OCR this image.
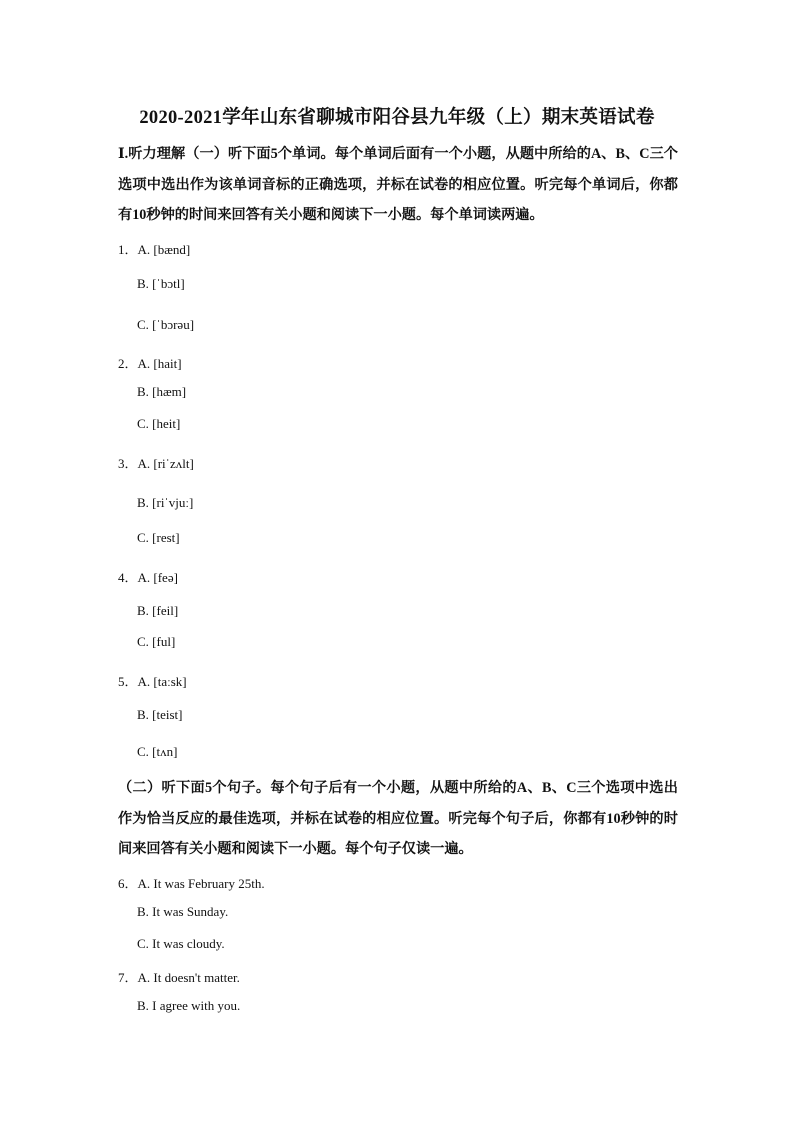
2020-2021学年山东省聊城市阳谷县九年级（上）期末英语试卷
Ⅰ.听力理解（一）听下面5个单词。每个单词后面有一个小题，从题中所给的A、B、C三个选项中选出作为该单词音标的正确选项，并标在试卷的相应位置。听完每个单词后，你都有10秒钟的时间来回答有关小题和阅读下一小题。每个单词读两遍。
1．A. [bænd]
B. [ˈbɔtl]
C. [ˈbɔrəu]
2．A. [hait]
B. [hæm]
C. [heit]
3．A. [riˈzʌlt]
B. [riˈvjuː]
C. [rest]
4．A. [feə]
B. [feil]
C. [ful]
5．A. [taːsk]
B. [teist]
C. [tʌn]
（二）听下面5个句子。每个句子后有一个小题，从题中所给的A、B、C三个选项中选出作为恰当反应的最佳选项，并标在试卷的相应位置。听完每个句子后，你都有10秒钟的时间来回答有关小题和阅读下一小题。每个句子仅读一遍。
6．A. It was February 25th.
B. It was Sunday.
C. It was cloudy.
7．A. It doesn't matter.
B. I agree with you.
